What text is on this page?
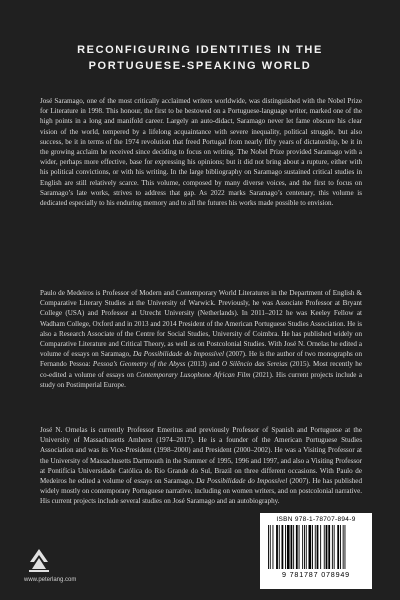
RECONFIGURING IDENTITIES IN THE
PORTUGUESE-SPEAKING WORLD

José Saramago, one of the most critically acclaimed writers worldwide, was distinguished with the Nobel Prize for Literature in 1998. This honour, the first to be bestowed on a Portuguese-language writer, marked one of the high points in a long and manifold career. Largely an auto-didact, Saramago never let fame obscure his clear vision of the world, tempered by a lifelong acquaintance with severe inequality, political struggle, but also success, be it in terms of the 1974 revolution that freed Portugal from nearly fifty years of dictatorship, be it in the growing acclaim he received since deciding to focus on writing. The Nobel Prize provided Saramago with a wider, perhaps more effective, base for expressing his opinions; but it did not bring about a rupture, either with his political convictions, or with his writing. In the large bibliography on Saramago sustained critical studies in English are still relatively scarce. This volume, composed by many diverse voices, and the first to focus on Saramago’s late works, strives to address that gap. As 2022 marks Saramago’s centenary, this volume is dedicated especially to his enduring memory and to all the futures his works made possible to envision.

Paulo de Medeiros is Professor of Modern and Contemporary World Literatures in the Department of English & Comparative Literary Studies at the University of Warwick. Previously, he was Associate Professor at Bryant College (USA) and Professor at Utrecht University (Netherlands). In 2011–2012 he was Keeley Fellow at Wadham College, Oxford and in 2013 and 2014 President of the American Portuguese Studies Association. He is also a Research Associate of the Centre for Social Studies, University of Coimbra. He has published widely on Comparative Literature and Critical Theory, as well as on Postcolonial Studies. With José N. Ornelas he edited a volume of essays on Saramago, Da Possibilidade do Impossível (2007). He is the author of two monographs on Fernando Pessoa: Pessoa’s Geometry of the Abyss (2013) and O Silêncio das Sereias (2015). Most recently he co-edited a volume of essays on Contemporary Lusophone African Film (2021). His current projects include a study on Postimperial Europe.

José N. Ornelas is currently Professor Emeritus and previously Professor of Spanish and Portuguese at the University of Massachusetts Amherst (1974–2017). He is a founder of the American Portuguese Studies Association and was its Vice-President (1998–2000) and President (2000–2002). He was a Visiting Professor at the University of Massachusetts Dartmouth in the Summer of 1995, 1996 and 1997, and also a Visiting Professor at Pontifícia Universidade Católica do Rio Grande do Sul, Brazil on three different occasions. With Paulo de Medeiros he edited a volume of essays on Saramago, Da Possibilidade do Impossível (2007). He has published widely mostly on contemporary Portuguese narrative, including on women writers, and on postcolonial narrative. His current projects include several studies on José Saramago and an autobiography.

www.peterlang.com
ISBN 978-1-78707-894-9
9 781787 078949
